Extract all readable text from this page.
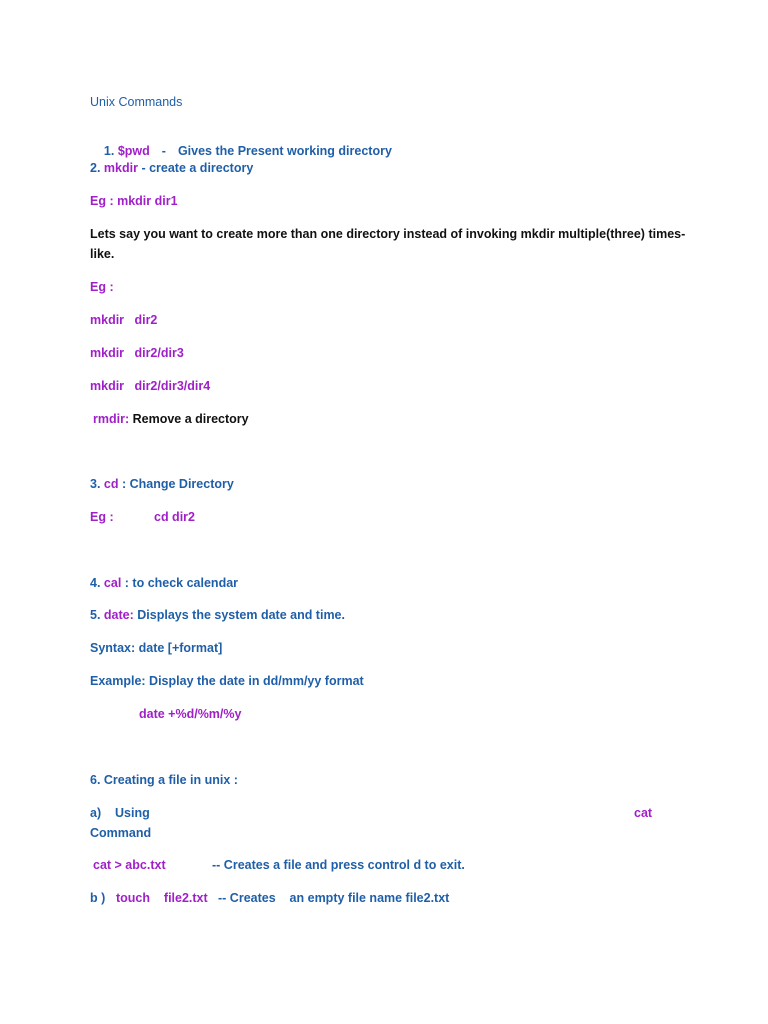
Unix Commands

1. $pwd - Gives the Present working directory

2. mkdir - create a directory
Eg : mkdir dir1
Lets say you want to create more than one directory instead of invoking mkdir multiple(three) times-
like.
Eg :
mkdir   dir2
mkdir   dir2/dir3
mkdir   dir2/dir3/dir4
rmdir: Remove a directory
3. cd : Change Directory
Eg :	cd dir2
4. cal : to check calendar
5. date: Displays the system date and time.
Syntax: date [+format]
Example: Display the date in dd/mm/yy format
date +%d/%m/%y
6. Creating a file in unix :
a)    Using	cat
Command
cat > abc.txt	-- Creates a file and press control d to exit.
b ) touch    file2.txt -- Creates    an empty file name file2.txt
